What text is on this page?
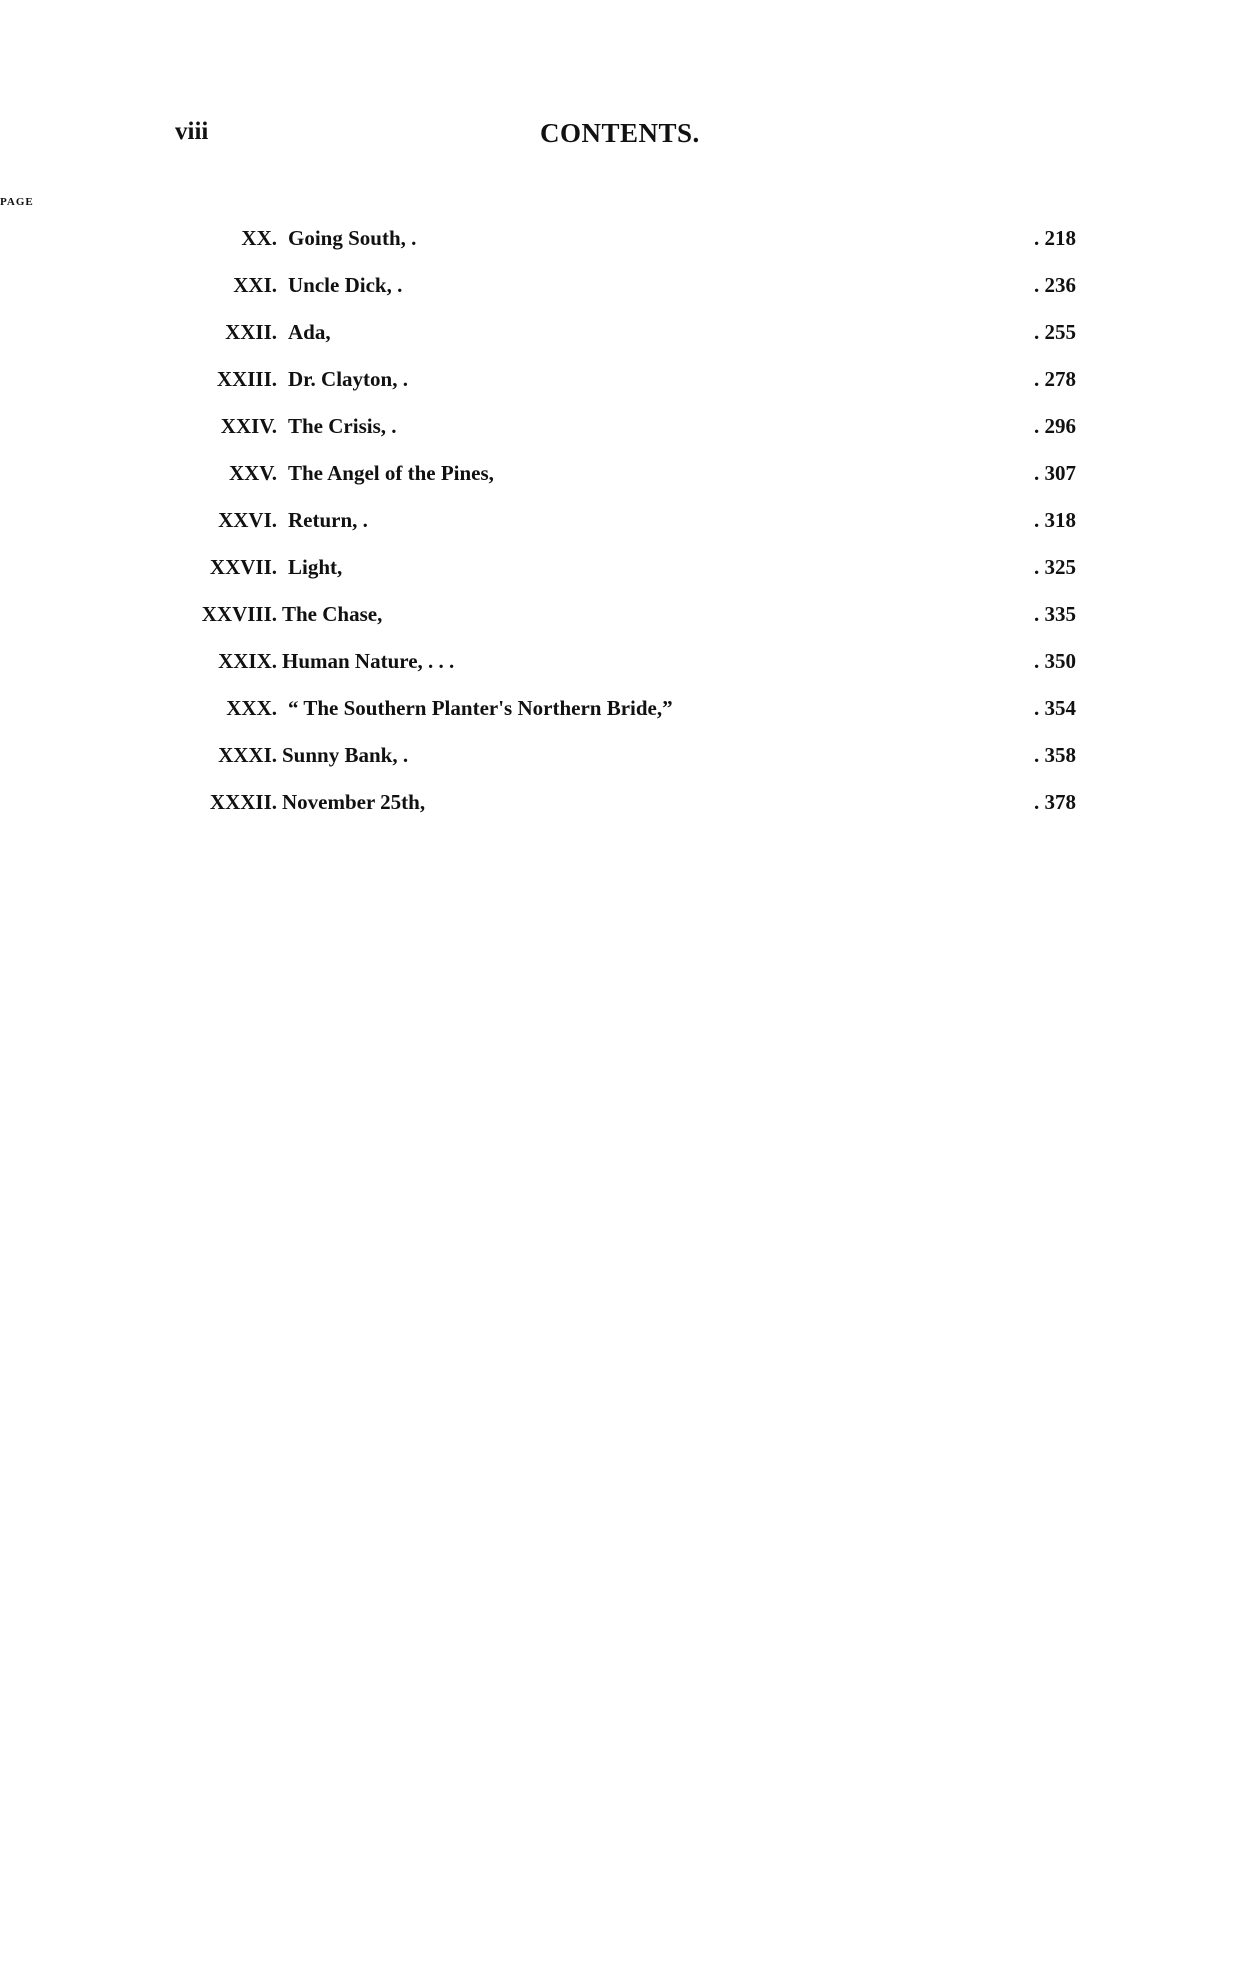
viii	CONTENTS.
PAGE
XX. Going South, .	. 218
XXI. Uncle Dick, .	. 236
XXII. Ada,	. 255
XXIII. Dr. Clayton, .	. 278
XXIV. The Crisis, .	. 296
XXV. The Angel of the Pines,	. 307
XXVI. Return, .	. 318
XXVII. Light,	. 325
XXVIII. The Chase,	. 335
XXIX. Human Nature, . . .	. 350
XXX. “ The Southern Planter's Northern Bride,”	. 354
XXXI. Sunny Bank, .	. 358
XXXII. November 25th,	. 378
